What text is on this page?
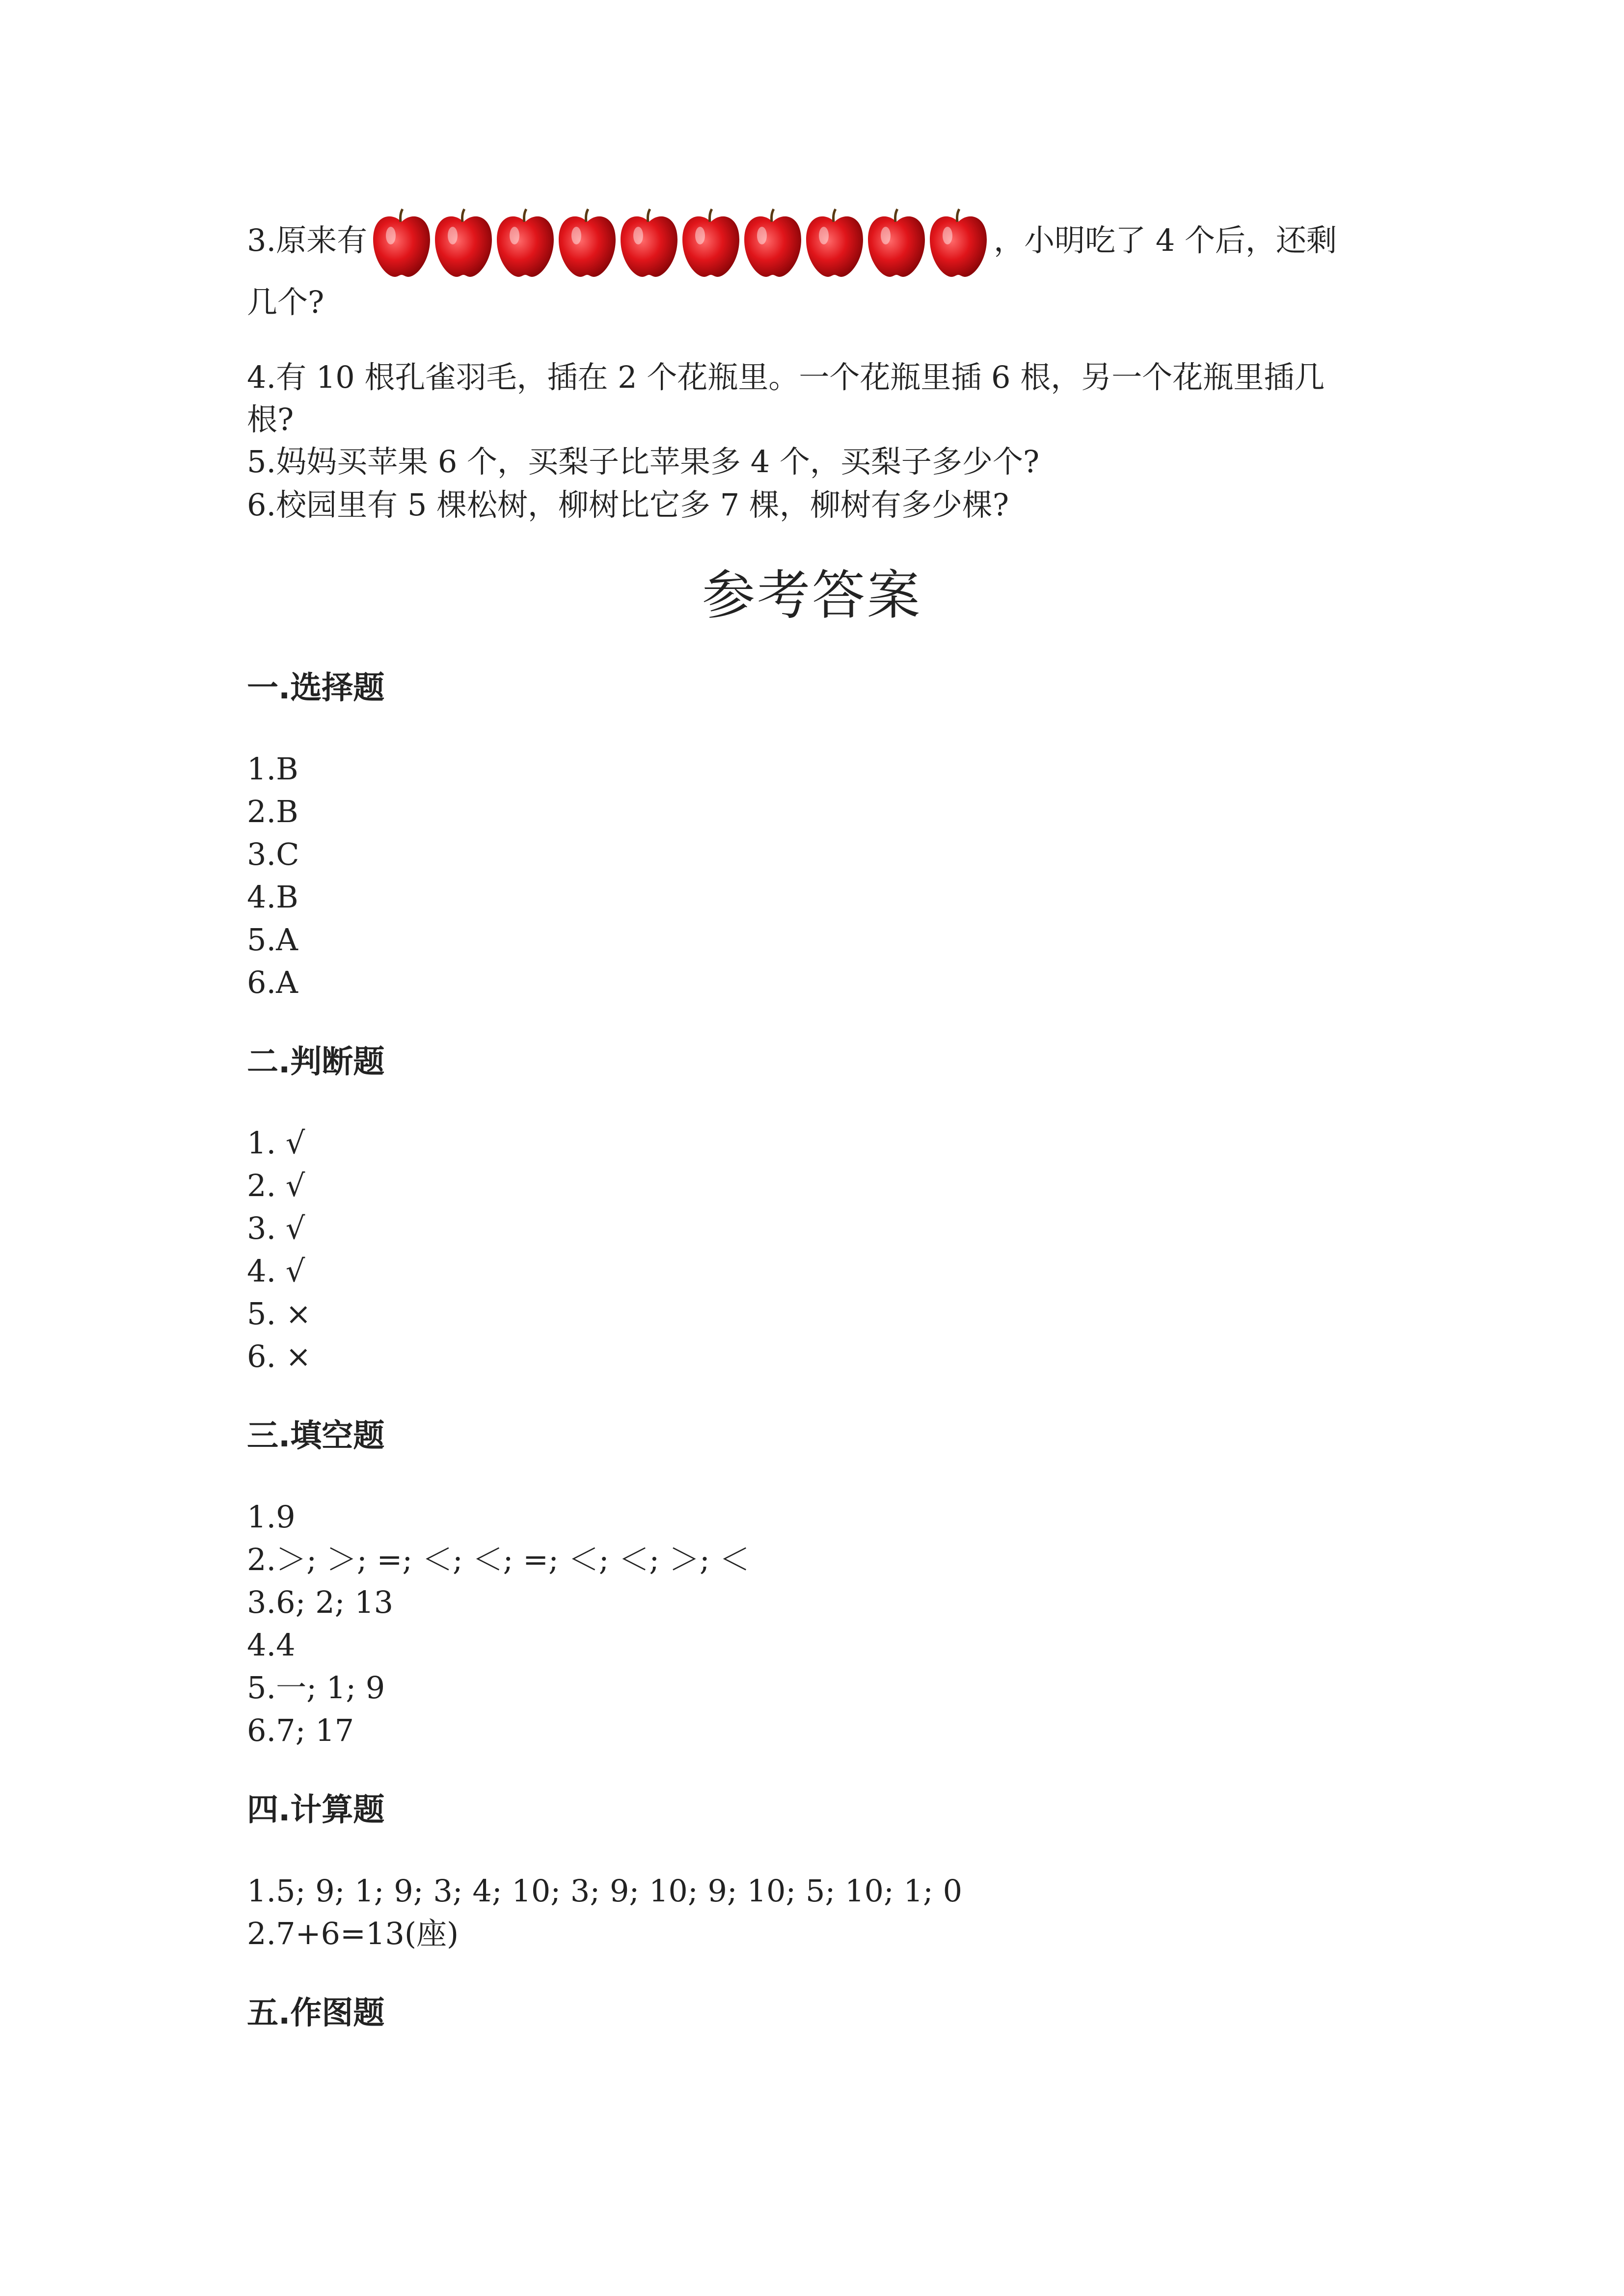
3.原来有	，小明吃了 4 个后，还剩
几个?
4.有 10 根孔雀羽毛，插在 2 个花瓶里。一个花瓶里插 6 根，另一个花瓶里插几
根?
5.妈妈买苹果 6 个，买梨子比苹果多 4 个，买梨子多少个?
6.校园里有 5 棵松树，柳树比它多 7 棵，柳树有多少棵?
参考答案
一.选择题
1.B
2.B
3.C
4.B
5.A
6.A
二.判断题
1. √
2. √
3. √
4. √
5. ×
6. ×
三.填空题
1.9
2.＞; ＞; =; ＜; ＜; =; ＜; ＜; ＞; ＜
3.6; 2; 13
4.4
5.一; 1; 9
6.7; 17
四.计算题
1.5; 9; 1; 9; 3; 4; 10; 3; 9; 10; 9; 10; 5; 10; 1; 0
2.7+6=13(座)
五.作图题
